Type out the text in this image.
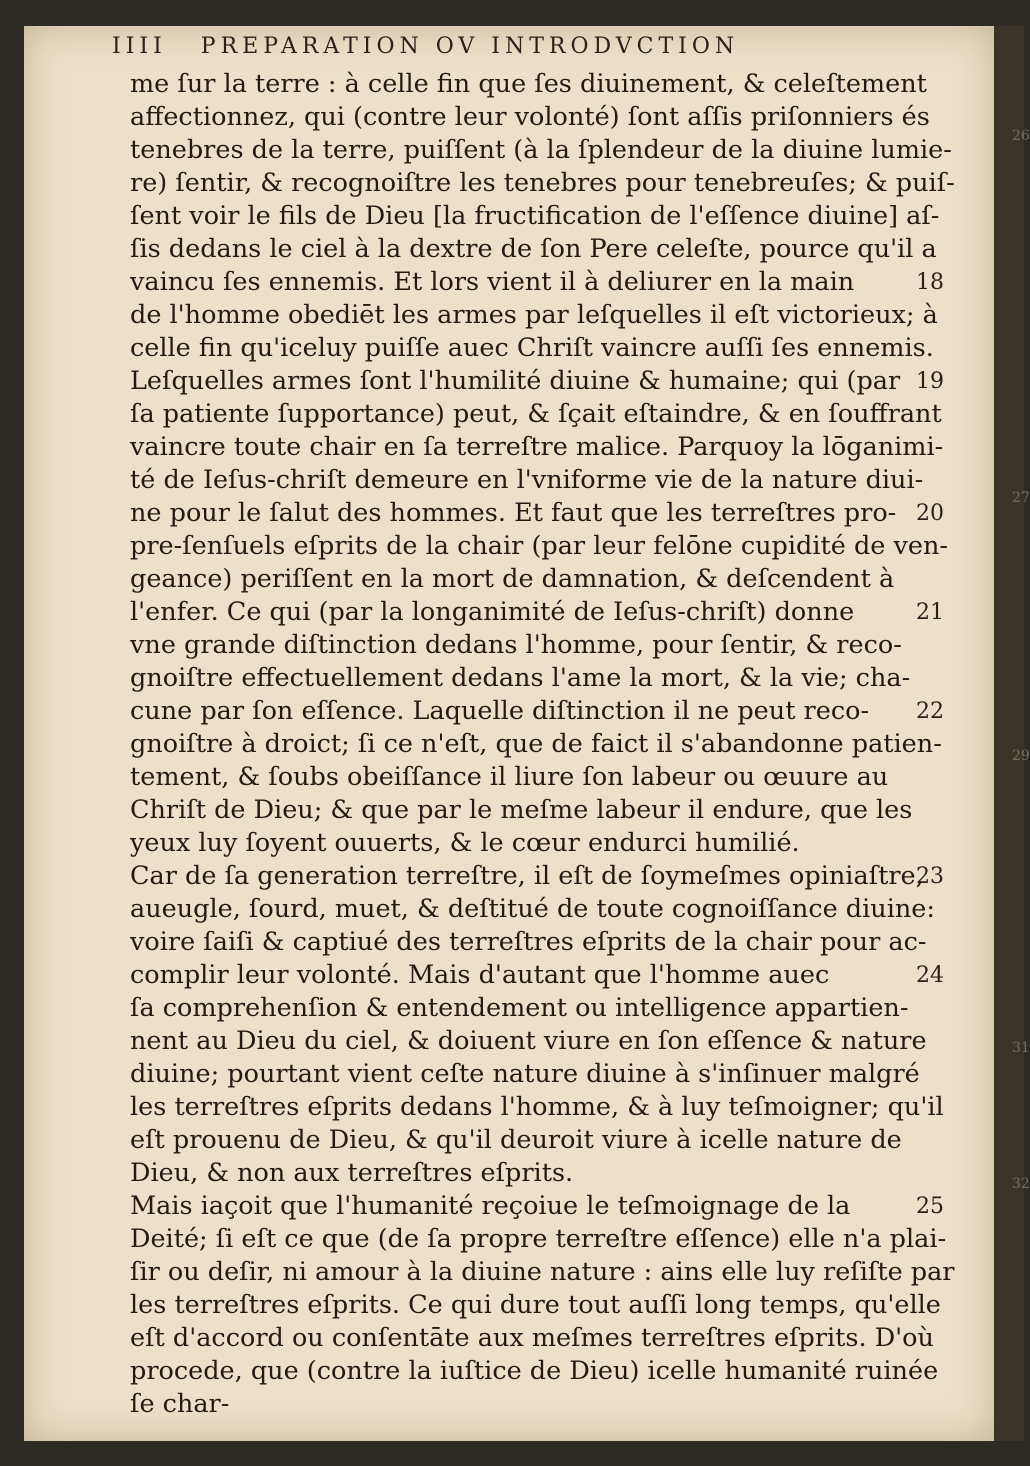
IIII PREPARATION OV INTRODVCTION
me ſur la terre : à celle fin que ſes diuinement, & celeſtement
affectionnez, qui (contre leur volonté) ſont aſſis priſonniers és
tenebres de la terre, puiſſent (à la ſplendeur de la diuine lumie-
re) ſentir, & recognoiſtre les tenebres pour tenebreuſes; & puiſ-
ſent voir le fils de Dieu [la fructification de l'eſſence diuine] aſ-
ſis dedans le ciel à la dextre de ſon Pere celeſte, pource qu'il a
vaincu ſes ennemis. Et lors vient il à deliurer en la main
de l'homme obediēt les armes par leſquelles il eſt victorieux; à
celle fin qu'iceluy puiſſe auec Chriſt vaincre auſſi ſes ennemis.
Leſquelles armes ſont l'humilité diuine & humaine; qui (par
ſa patiente ſupportance) peut, & ſçait eſtaindre, & en ſouffrant
vaincre toute chair en ſa terreſtre malice. Parquoy la lōganimi-
té de Ieſus-chriſt demeure en l'vniforme vie de la nature diui-
ne pour le ſalut des hommes. Et faut que les terreſtres pro-
pre-ſenſuels eſprits de la chair (par leur felōne cupidité de ven-
geance) periſſent en la mort de damnation, & deſcendent à
l'enfer. Ce qui (par la longanimité de Ieſus-chriſt) donne
vne grande diſtinction dedans l'homme, pour ſentir, & reco-
gnoiſtre effectuellement dedans l'ame la mort, & la vie; cha-
cune par ſon eſſence. Laquelle diſtinction il ne peut reco-
gnoiſtre à droict; ſi ce n'eſt, que de faict il s'abandonne patien-
tement, & ſoubs obeiſſance il liure ſon labeur ou œuure au
Chriſt de Dieu; & que par le meſme labeur il endure, que les
yeux luy ſoyent ouuerts, & le cœur endurci humilié.
Car de ſa generation terreſtre, il eſt de ſoymeſmes opiniaſtre,
aueugle, ſourd, muet, & deſtitué de toute cognoiſſance diuine:
voire ſaiſi & captiué des terreſtres eſprits de la chair pour ac-
complir leur volonté. Mais d'autant que l'homme auec
ſa comprehenſion & entendement ou intelligence appartien-
nent au Dieu du ciel, & doiuent viure en ſon eſſence & nature
diuine; pourtant vient ceſte nature diuine à s'inſinuer malgré
les terreſtres eſprits dedans l'homme, & à luy teſmoigner; qu'il
eſt prouenu de Dieu, & qu'il deuroit viure à icelle nature de
Dieu, & non aux terreſtres eſprits.
Mais iaçoit que l'humanité reçoiue le teſmoignage de la
Deité; ſi eſt ce que (de ſa propre terreſtre eſſence) elle n'a plai-
ſir ou deſir, ni amour à la diuine nature : ains elle luy reſiſte par
les terreſtres eſprits. Ce qui dure tout auſſi long temps, qu'elle
eſt d'accord ou conſentāte aux meſmes terreſtres eſprits. D'où
procede, que (contre la iuſtice de Dieu) icelle humanité ruinée
ſe char-
18
19
20
21
22
23
24
25
26
27
29
31
32
